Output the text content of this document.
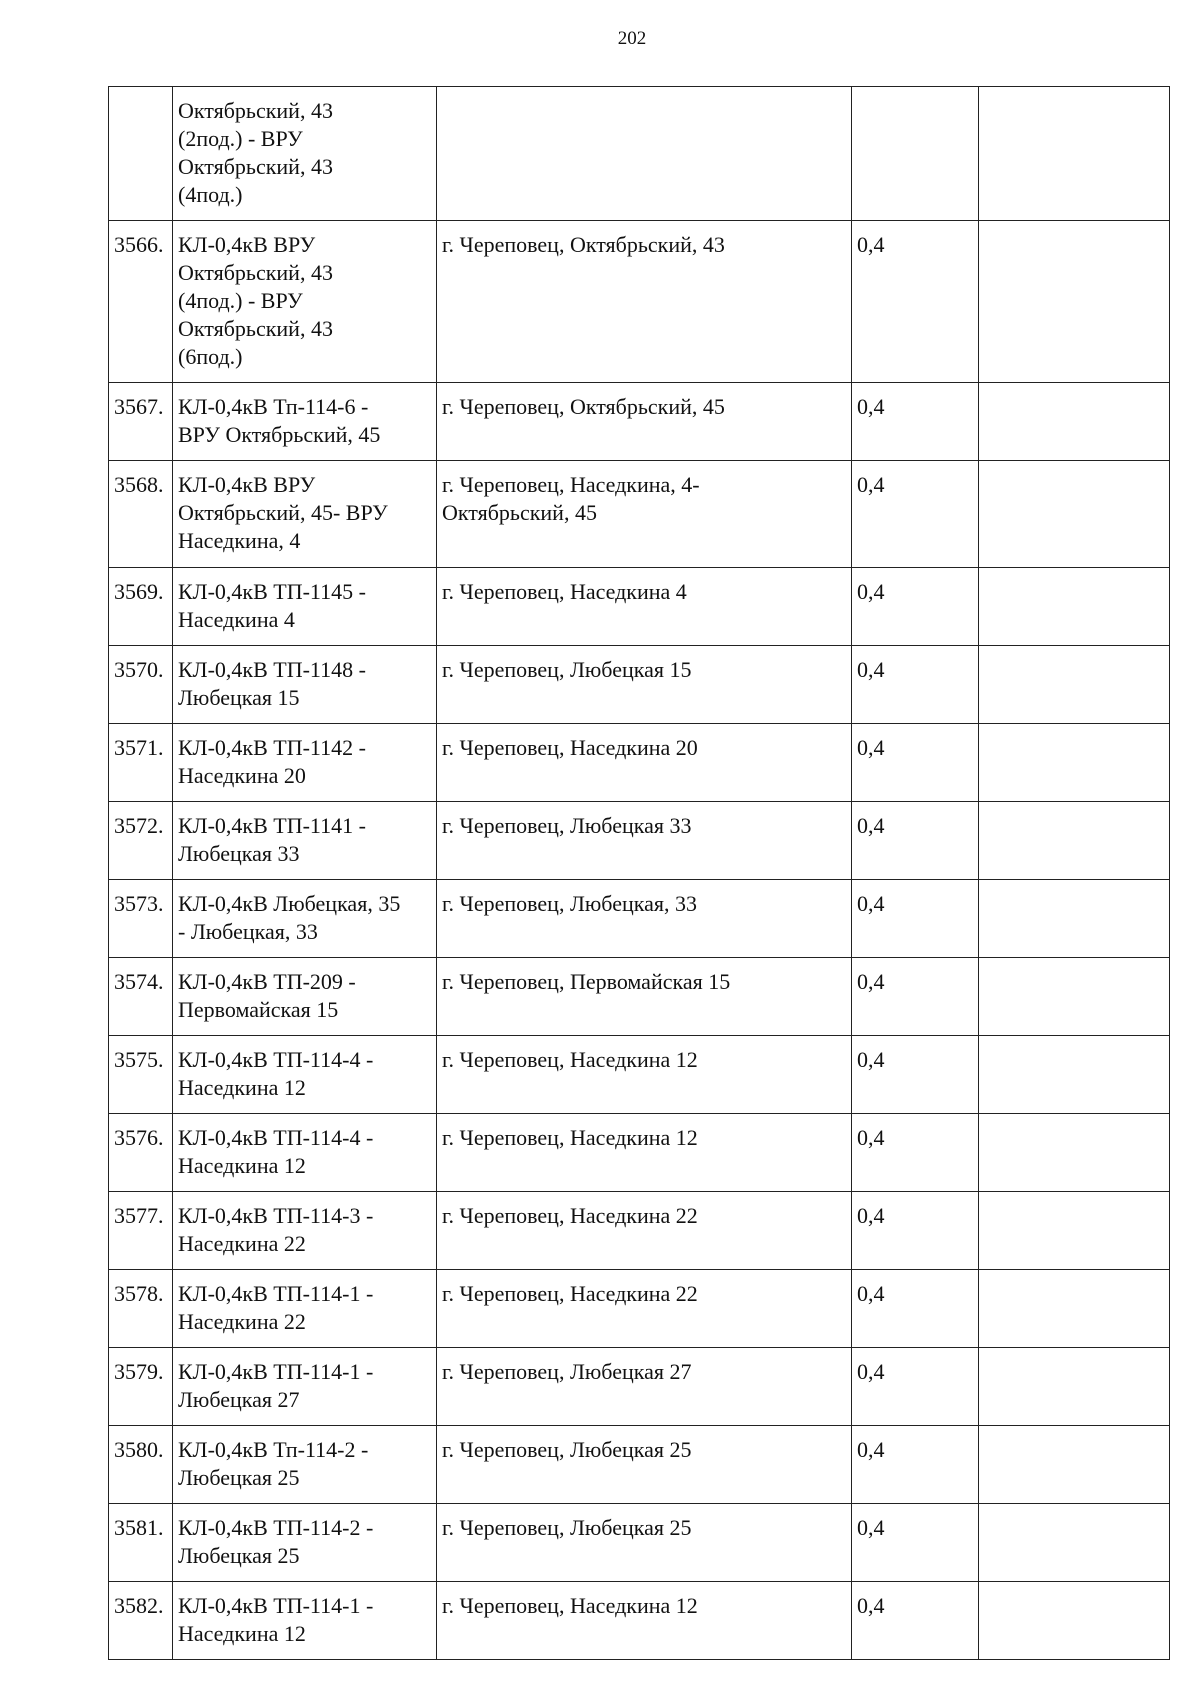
202
	Октябрьский, 43
(2под.) - ВРУ
Октябрьский, 43
(4под.)			
3566.	КЛ-0,4кВ ВРУ
Октябрьский, 43
(4под.) - ВРУ
Октябрьский, 43
(6под.)	г. Череповец, Октябрьский, 43	0,4	
3567.	КЛ-0,4кВ Тп-114-6 -
ВРУ Октябрьский, 45	г. Череповец, Октябрьский, 45	0,4	
3568.	КЛ-0,4кВ ВРУ
Октябрьский, 45- ВРУ
Наседкина, 4	г. Череповец, Наседкина, 4-
Октябрьский, 45	0,4	
3569.	КЛ-0,4кВ ТП-1145 -
Наседкина 4	г. Череповец, Наседкина 4	0,4	
3570.	КЛ-0,4кВ ТП-1148 -
Любецкая 15	г. Череповец, Любецкая 15	0,4	
3571.	КЛ-0,4кВ ТП-1142 -
Наседкина 20	г. Череповец, Наседкина 20	0,4	
3572.	КЛ-0,4кВ ТП-1141 -
Любецкая 33	г. Череповец, Любецкая 33	0,4	
3573.	КЛ-0,4кВ Любецкая, 35
- Любецкая, 33	г. Череповец, Любецкая, 33	0,4	
3574.	КЛ-0,4кВ ТП-209 -
Первомайская 15	г. Череповец, Первомайская 15	0,4	
3575.	КЛ-0,4кВ ТП-114-4 -
Наседкина 12	г. Череповец, Наседкина 12	0,4	
3576.	КЛ-0,4кВ ТП-114-4 -
Наседкина 12	г. Череповец, Наседкина 12	0,4	
3577.	КЛ-0,4кВ ТП-114-3 -
Наседкина 22	г. Череповец, Наседкина 22	0,4	
3578.	КЛ-0,4кВ ТП-114-1 -
Наседкина 22	г. Череповец, Наседкина 22	0,4	
3579.	КЛ-0,4кВ ТП-114-1 -
Любецкая 27	г. Череповец, Любецкая 27	0,4	
3580.	КЛ-0,4кВ Тп-114-2 -
Любецкая 25	г. Череповец, Любецкая 25	0,4	
3581.	КЛ-0,4кВ ТП-114-2 -
Любецкая 25	г. Череповец, Любецкая 25	0,4	
3582.	КЛ-0,4кВ ТП-114-1 -
Наседкина 12	г. Череповец, Наседкина 12	0,4	
